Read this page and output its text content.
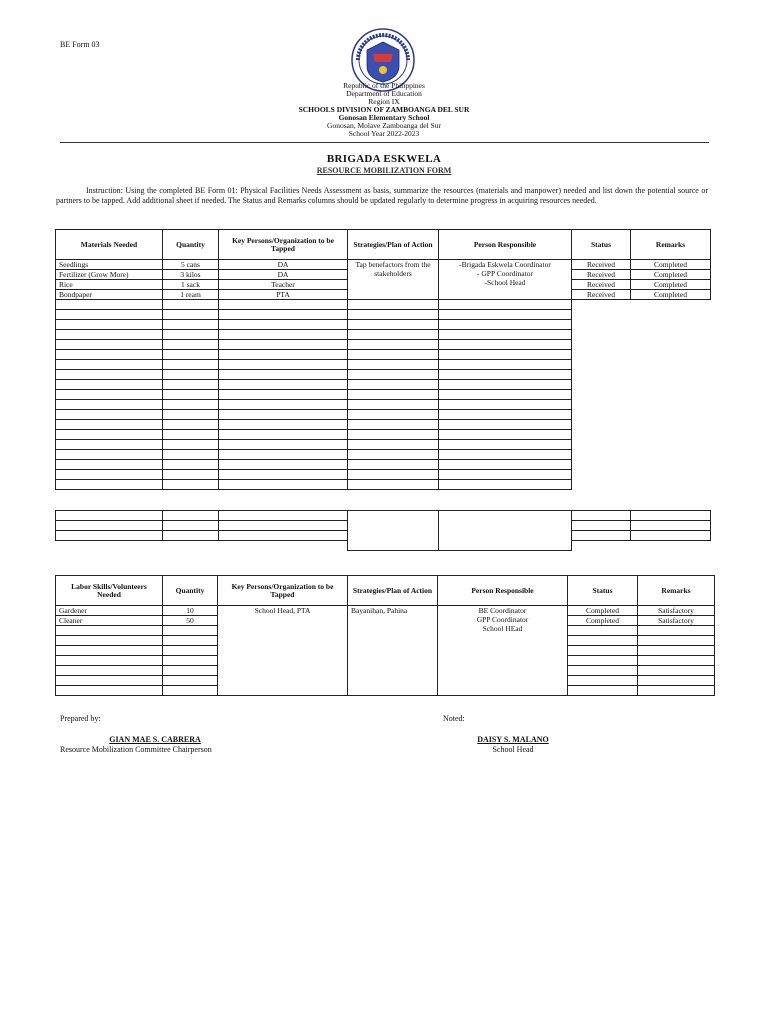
BE Form 03
Republic of the Philippines
Department of Education
Region IX
SCHOOLS DIVISION OF ZAMBOANGA DEL SUR
Gonosan Elementary School
Gonosan, Molave Zamboanga del Sur
School Year 2022-2023
BRIGADA ESKWELA
RESOURCE MOBILIZATION FORM
Instruction: Using the completed BE Form 01: Physical Facilities Needs Assessment as basis, summarize the resources (materials and manpower) needed and list down the potential source or partners to be tapped. Add additional sheet if needed. The Status and Remarks columns should be updated regularly to determine progress in acquiring resources needed.
Materials Needed	Quantity	Key Persons/Organization to be Tapped	Strategies/Plan of Action	Person Responsible	Status	Remarks
Seedlings	5 cans	DA	Tap benefactors from the stakeholders	-Brigada Eskwela Coordinator
- GPP Coordinator
-School Head	Received	Completed
Fertilizer (Grow More)	3 kilos	DA			Received	Completed
Rice	1 sack	Teacher			Received	Completed
Bondpaper	1 ream	PTA			Received	Completed

Labor Skills/Volunteers Needed	Quantity	Key Persons/Organization to be Tapped	Strategies/Plan of Action	Person Responsible	Status	Remarks
Gardener	10	School Head, PTA	Bayanihan, Pahina	BE Coordinator
GPP Coordinator
School HEad	Completed	Satisfactory
Cleaner	50				Completed	Satisfactory

Prepared by:
GIAN MAE S. CABRERA
Resource Mobilization Committee Chairperson
Noted:
DAISY S. MALANO
School Head
